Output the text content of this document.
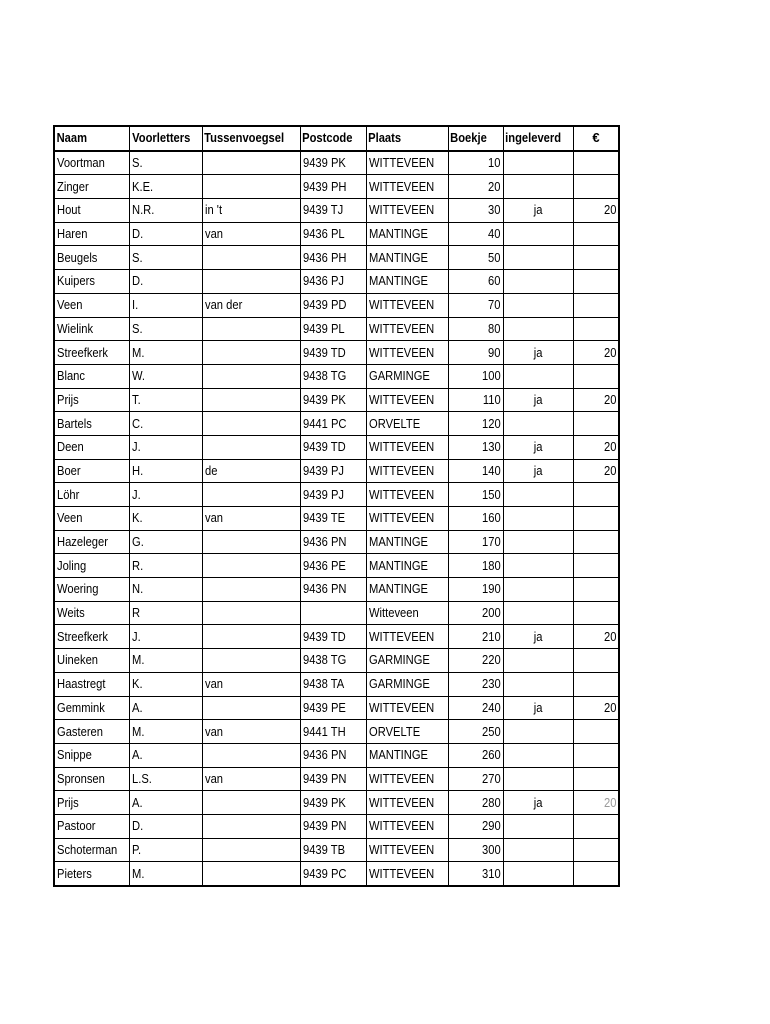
Naam	Voorletters	Tussenvoegsel	Postcode	Plaats	Boekje	ingeleverd	€
Voortman	S.		9439 PK	WITTEVEEN	10		
Zinger	K.E.		9439 PH	WITTEVEEN	20		
Hout	N.R.	in 't	9439 TJ	WITTEVEEN	30	ja	20
Haren	D.	van	9436 PL	MANTINGE	40		
Beugels	S.		9436 PH	MANTINGE	50		
Kuipers	D.		9436 PJ	MANTINGE	60		
Veen	I.	van der	9439 PD	WITTEVEEN	70		
Wielink	S.		9439 PL	WITTEVEEN	80		
Streefkerk	M.		9439 TD	WITTEVEEN	90	ja	20
Blanc	W.		9438 TG	GARMINGE	100		
Prijs	T.		9439 PK	WITTEVEEN	110	ja	20
Bartels	C.		9441 PC	ORVELTE	120		
Deen	J.		9439 TD	WITTEVEEN	130	ja	20
Boer	H.	de	9439 PJ	WITTEVEEN	140	ja	20
Löhr	J.		9439 PJ	WITTEVEEN	150		
Veen	K.	van	9439 TE	WITTEVEEN	160		
Hazeleger	G.		9436 PN	MANTINGE	170		
Joling	R.		9436 PE	MANTINGE	180		
Woering	N.		9436 PN	MANTINGE	190		
Weits	R			Witteveen	200		
Streefkerk	J.		9439 TD	WITTEVEEN	210	ja	20
Uineken	M.		9438 TG	GARMINGE	220		
Haastregt	K.	van	9438 TA	GARMINGE	230		
Gemmink	A.		9439 PE	WITTEVEEN	240	ja	20
Gasteren	M.	van	9441 TH	ORVELTE	250		
Snippe	A.		9436 PN	MANTINGE	260		
Spronsen	L.S.	van	9439 PN	WITTEVEEN	270		
Prijs	A.		9439 PK	WITTEVEEN	280	ja	20
Pastoor	D.		9439 PN	WITTEVEEN	290		
Schoterman	P.		9439 TB	WITTEVEEN	300		
Pieters	M.		9439 PC	WITTEVEEN	310		
